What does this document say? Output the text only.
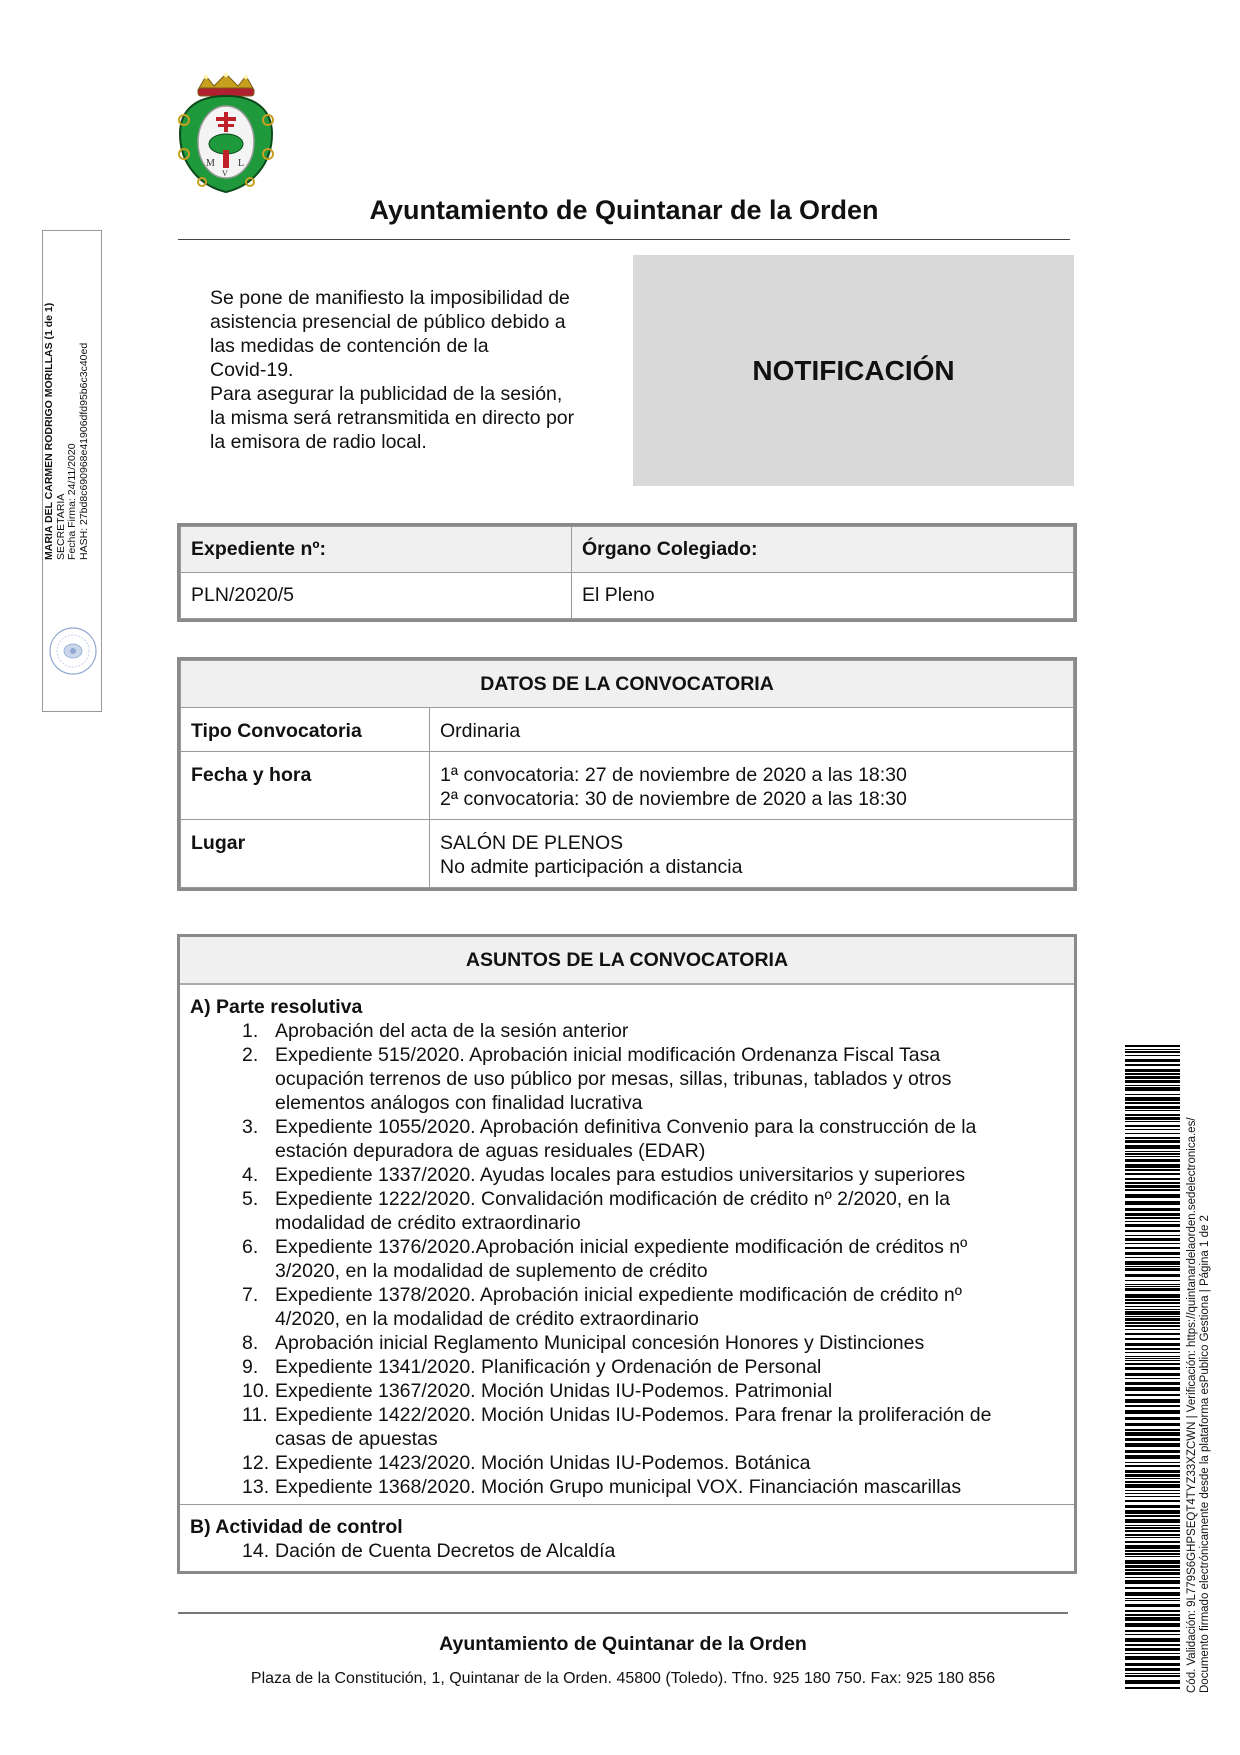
MARIA DEL CARMEN RODRIGO MORILLAS (1 de 1) SECRETARIA Fecha Firma: 24/11/2020 HASH: 27bd8c690968e41906dfd95b6c3c40ed
M L
V
Ayuntamiento de Quintanar de la Orden

Se pone de manifiesto la imposibilidad de

asistencia presencial de público debido a

las medidas de contención de la

Covid-19.

Para asegurar la publicidad de la sesión,

la misma será retransmitida en directo por

la emisora de radio local.

NOTIFICACIÓN
Expediente nº:	Órgano Colegiado:
PLN/2020/5	El Pleno
DATOS DE LA CONVOCATORIA	
Tipo Convocatoria	Ordinaria

Fecha y hora	1ª convocatoria: 27 de noviembre de 2020 a las 18:30
2ª convocatoria: 30 de noviembre de 2020 a las 18:30

Lugar	SALÓN DE PLENOS
No admite participación a distancia
ASUNTOS DE LA CONVOCATORIA
A) Parte resolutiva
1. Aprobación del acta de la sesión anterior
2. Expediente 515/2020. Aprobación inicial modificación Ordenanza Fiscal Tasa
ocupación terrenos de uso público por mesas, sillas, tribunas, tablados y otros
elementos análogos con finalidad lucrativa
3. Expediente 1055/2020. Aprobación definitiva Convenio para la construcción de la
estación depuradora de aguas residuales (EDAR)
4. Expediente 1337/2020. Ayudas locales para estudios universitarios y superiores
5. Expediente 1222/2020. Convalidación modificación de crédito nº 2/2020, en la
modalidad de crédito extraordinario
6. Expediente 1376/2020.Aprobación inicial expediente modificación de créditos nº
3/2020, en la modalidad de suplemento de crédito
7. Expediente 1378/2020. Aprobación inicial expediente modificación de crédito nº
4/2020, en la modalidad de crédito extraordinario
8. Aprobación inicial Reglamento Municipal concesión Honores y Distinciones
9. Expediente 1341/2020. Planificación y Ordenación de Personal
10. Expediente 1367/2020. Moción Unidas IU-Podemos. Patrimonial
11. Expediente 1422/2020. Moción Unidas IU-Podemos. Para frenar la proliferación de
casas de apuestas
12. Expediente 1423/2020. Moción Unidas IU-Podemos. Botánica
13. Expediente 1368/2020. Moción Grupo municipal VOX. Financiación mascarillas
B) Actividad de control
14. Dación de Cuenta Decretos de Alcaldía
Ayuntamiento de Quintanar de la Orden
Plaza de la Constitución, 1, Quintanar de la Orden. 45800 (Toledo). Tfno. 925 180 750. Fax: 925 180 856	Cód. Validación: 9L779S6GHPSEQT4TYZ33XZCWN | Verificación: https://quintanardelaorden.sedelectronica.es/ Documento firmado electrónicamente desde la plataforma esPublico Gestiona | Página 1 de 2
